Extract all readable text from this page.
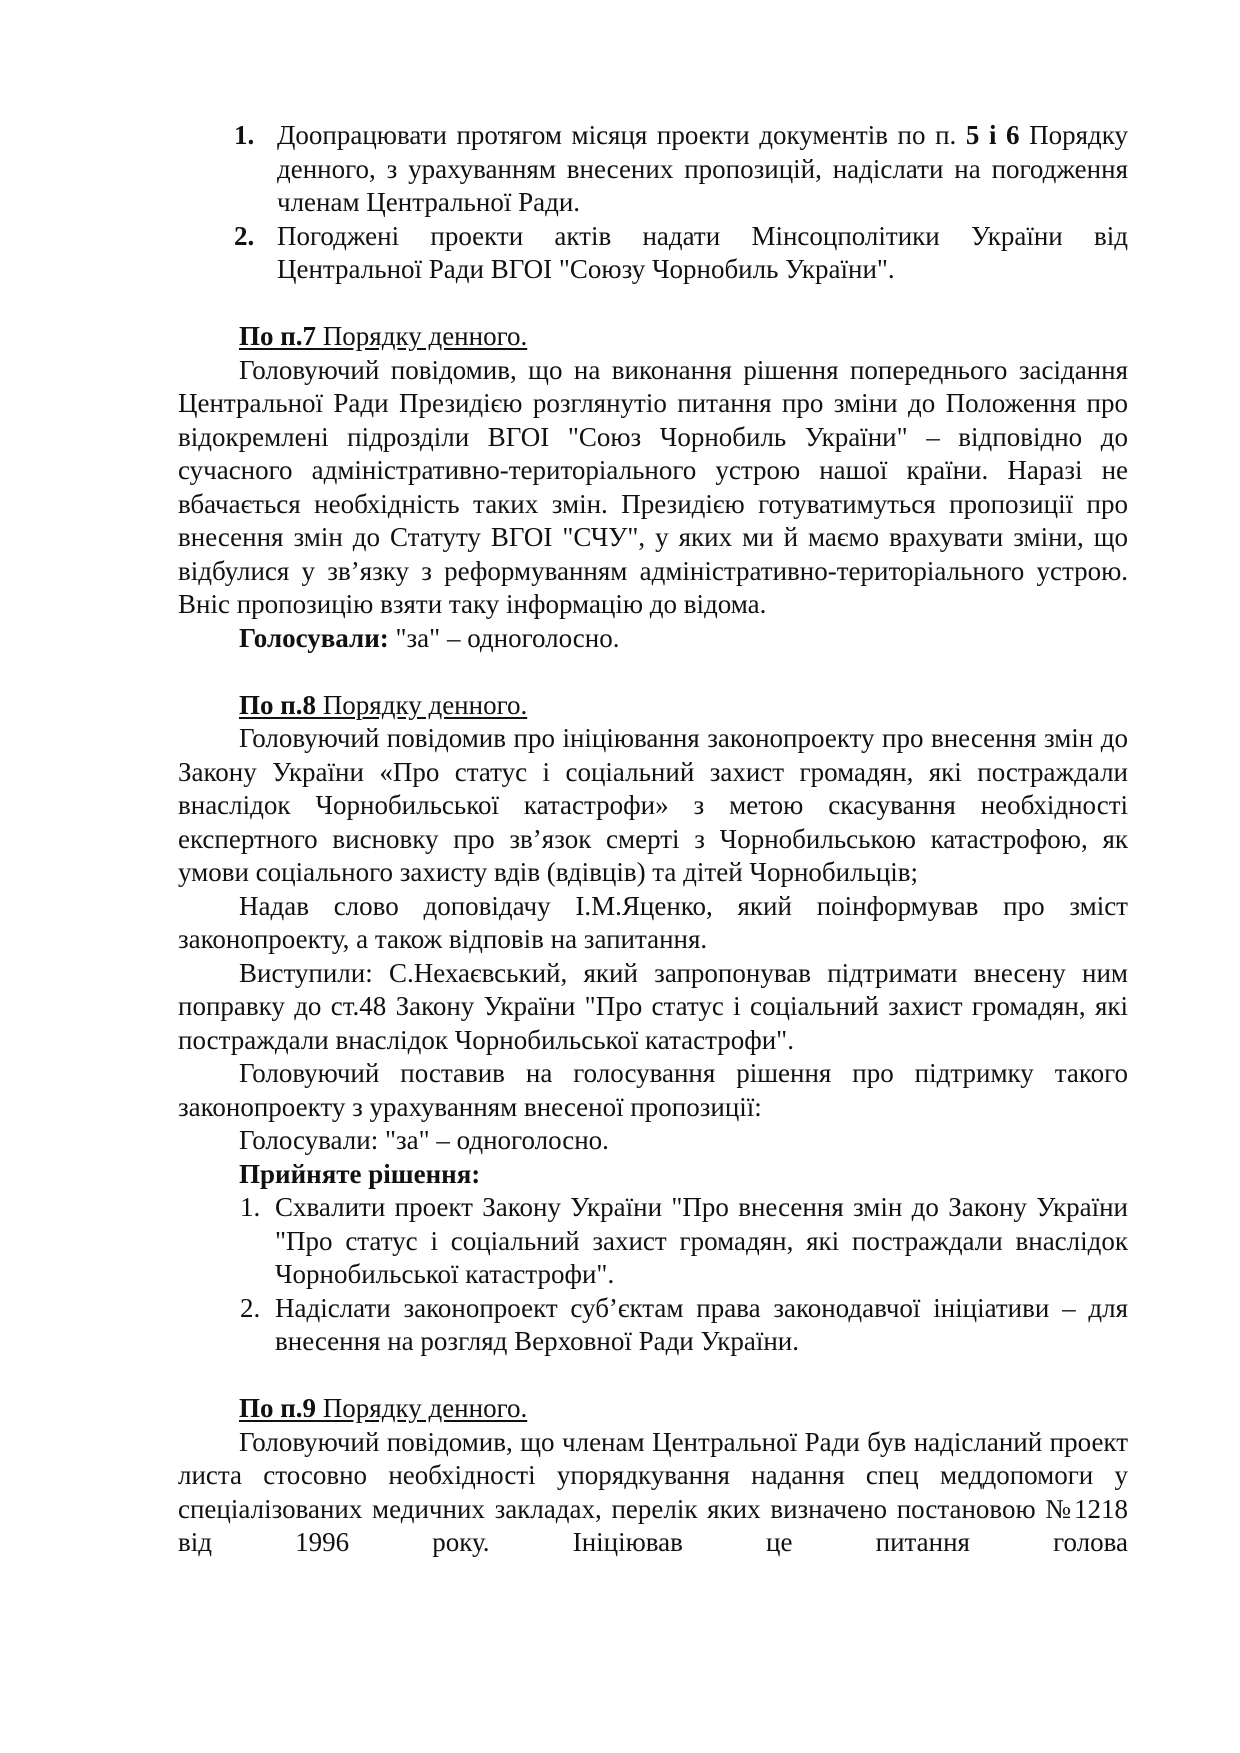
1. Доопрацювати протягом місяця проекти документів по п. 5 і 6 Порядку денного, з урахуванням внесених пропозицій, надіслати на погодження членам Центральної Ради.
2. Погоджені проекти актів надати Мінсоцполітики України від Центральної Ради ВГОІ "Союзу Чорнобиль України".
По п.7 Порядку денного.
Головуючий повідомив, що на виконання рішення попереднього засідання Центральної Ради Президією розглянутіо питання про зміни до Положення про відокремлені підрозділи ВГОІ "Союз Чорнобиль України" – відповідно до сучасного адміністративно-територіального устрою нашої країни. Наразі не вбачається необхідність таких змін. Президією готуватимуться пропозиції про внесення змін до Статуту ВГОІ "СЧУ", у яких ми й маємо врахувати зміни, що відбулися у зв’язку з реформуванням адміністративно-територіального устрою. Вніс пропозицію взяти таку інформацію до відома.
Голосували: "за" – одноголосно.
По п.8 Порядку денного.
Головуючий повідомив про ініціювання законопроекту про внесення змін до Закону України «Про статус і соціальний захист громадян, які постраждали внаслідок Чорнобильської катастрофи» з метою скасування необхідності експертного висновку про зв’язок смерті з Чорнобильською катастрофою, як умови соціального захисту вдів (вдівців) та дітей Чорнобильців;
Надав слово доповідачу І.М.Яценко, який поінформував про зміст законопроекту, а також відповів на запитання.
Виступили: С.Нехаєвський, який запропонував підтримати внесену ним поправку до ст.48 Закону України "Про статус і соціальний захист громадян, які постраждали внаслідок Чорнобильської катастрофи".
Головуючий поставив на голосування рішення про підтримку такого законопроекту з урахуванням внесеної пропозиції:
Голосували: "за" – одноголосно.
Прийняте рішення:
1. Схвалити проект Закону України "Про внесення змін до Закону України "Про статус і соціальний захист громадян, які постраждали внаслідок Чорнобильської катастрофи".
2. Надіслати законопроект суб’єктам права законодавчої ініціативи – для внесення на розгляд Верховної Ради України.
По п.9 Порядку денного.
Головуючий повідомив, що членам Центральної Ради був надісланий проект листа стосовно необхідності упорядкування надання спец меддопомоги у спеціалізованих медичних закладах, перелік яких визначено постановою №1218 від 1996 року. Ініціював це питання голова
